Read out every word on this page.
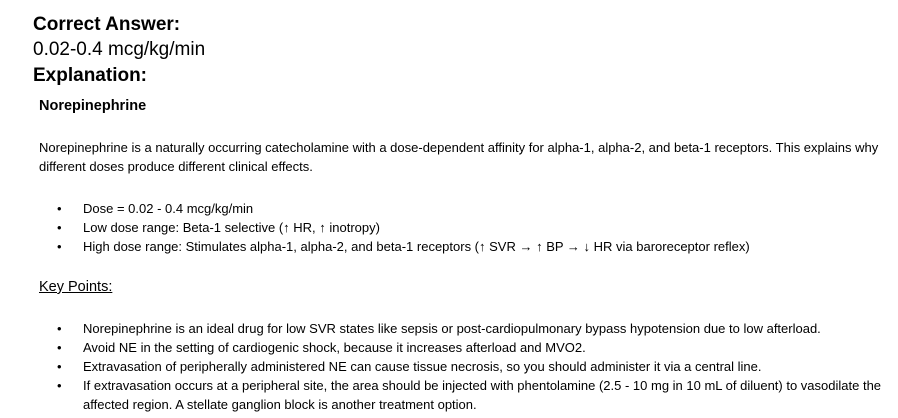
Correct Answer:
0.02-0.4 mcg/kg/min
Explanation:
Norepinephrine
Norepinephrine is a naturally occurring catecholamine with a dose-dependent affinity for alpha-1, alpha-2, and beta-1 receptors. This explains why different doses produce different clinical effects.
•	Dose = 0.02 - 0.4 mcg/kg/min
•	Low dose range: Beta-1 selective (↑ HR, ↑ inotropy)
•	High dose range: Stimulates alpha-1, alpha-2, and beta-1 receptors (↑ SVR → ↑ BP → ↓ HR via baroreceptor reflex)
Key Points:
•	Norepinephrine is an ideal drug for low SVR states like sepsis or post-cardiopulmonary bypass hypotension due to low afterload.
•	Avoid NE in the setting of cardiogenic shock, because it increases afterload and MVO2.
•	Extravasation of peripherally administered NE can cause tissue necrosis, so you should administer it via a central line.
•	If extravasation occurs at a peripheral site, the area should be injected with phentolamine (2.5 - 10 mg in 10 mL of diluent) to vasodilate the affected region. A stellate ganglion block is another treatment option.
